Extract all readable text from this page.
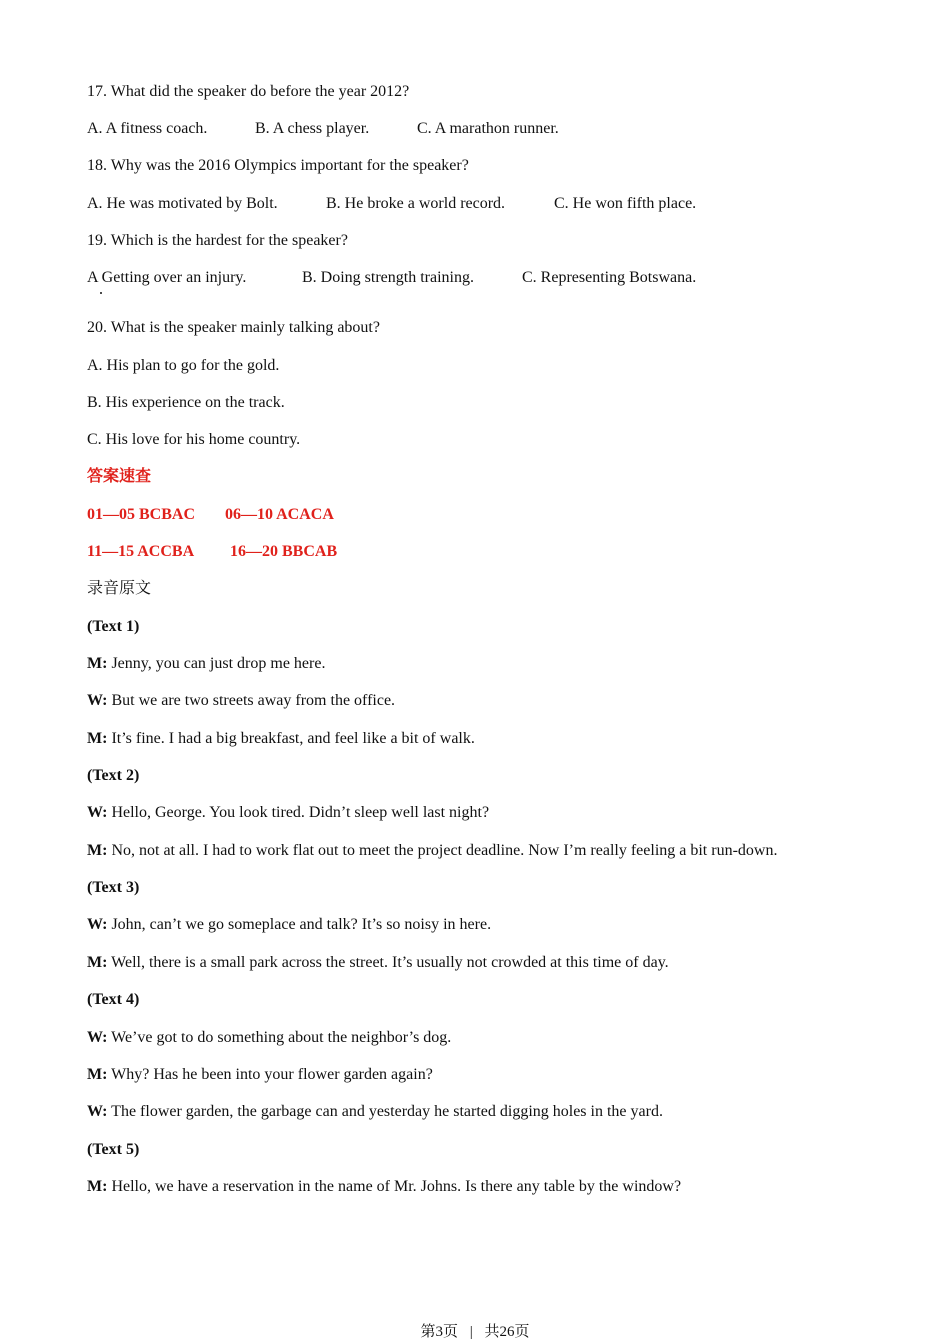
17. What did the speaker do before the year 2012?
A. A fitness coach.	B. A chess player.	C. A marathon runner.
18. Why was the 2016 Olympics important for the speaker?
A. He was motivated by Bolt.	B. He broke a world record.	C. He won fifth place.
19. Which is the hardest for the speaker?
A Getting over an injury.	B. Doing strength training.	C. Representing Botswana.
20. What is the speaker mainly talking about?
A. His plan to go for the gold.
B. His experience on the track.
C. His love for his home country.
答案速查
01—05 BCBAC 06—10 ACACA
11—15 ACCBA 16—20 BBCAB
录音原文
(Text 1)
M: Jenny, you can just drop me here.
W: But we are two streets away from the office.
M: It’s fine. I had a big breakfast, and feel like a bit of walk.
(Text 2)
W: Hello, George. You look tired. Didn’t sleep well last night?
M: No, not at all. I had to work flat out to meet the project deadline. Now I’m really feeling a bit run-down.
(Text 3)
W: John, can’t we go someplace and talk? It’s so noisy in here.
M: Well, there is a small park across the street. It’s usually not crowded at this time of day.
(Text 4)
W: We’ve got to do something about the neighbor’s dog.
M: Why? Has he been into your flower garden again?
W: The flower garden, the garbage can and yesterday he started digging holes in the yard.
(Text 5)
M: Hello, we have a reservation in the name of Mr. Johns. Is there any table by the window?
第3页 | 共26页
